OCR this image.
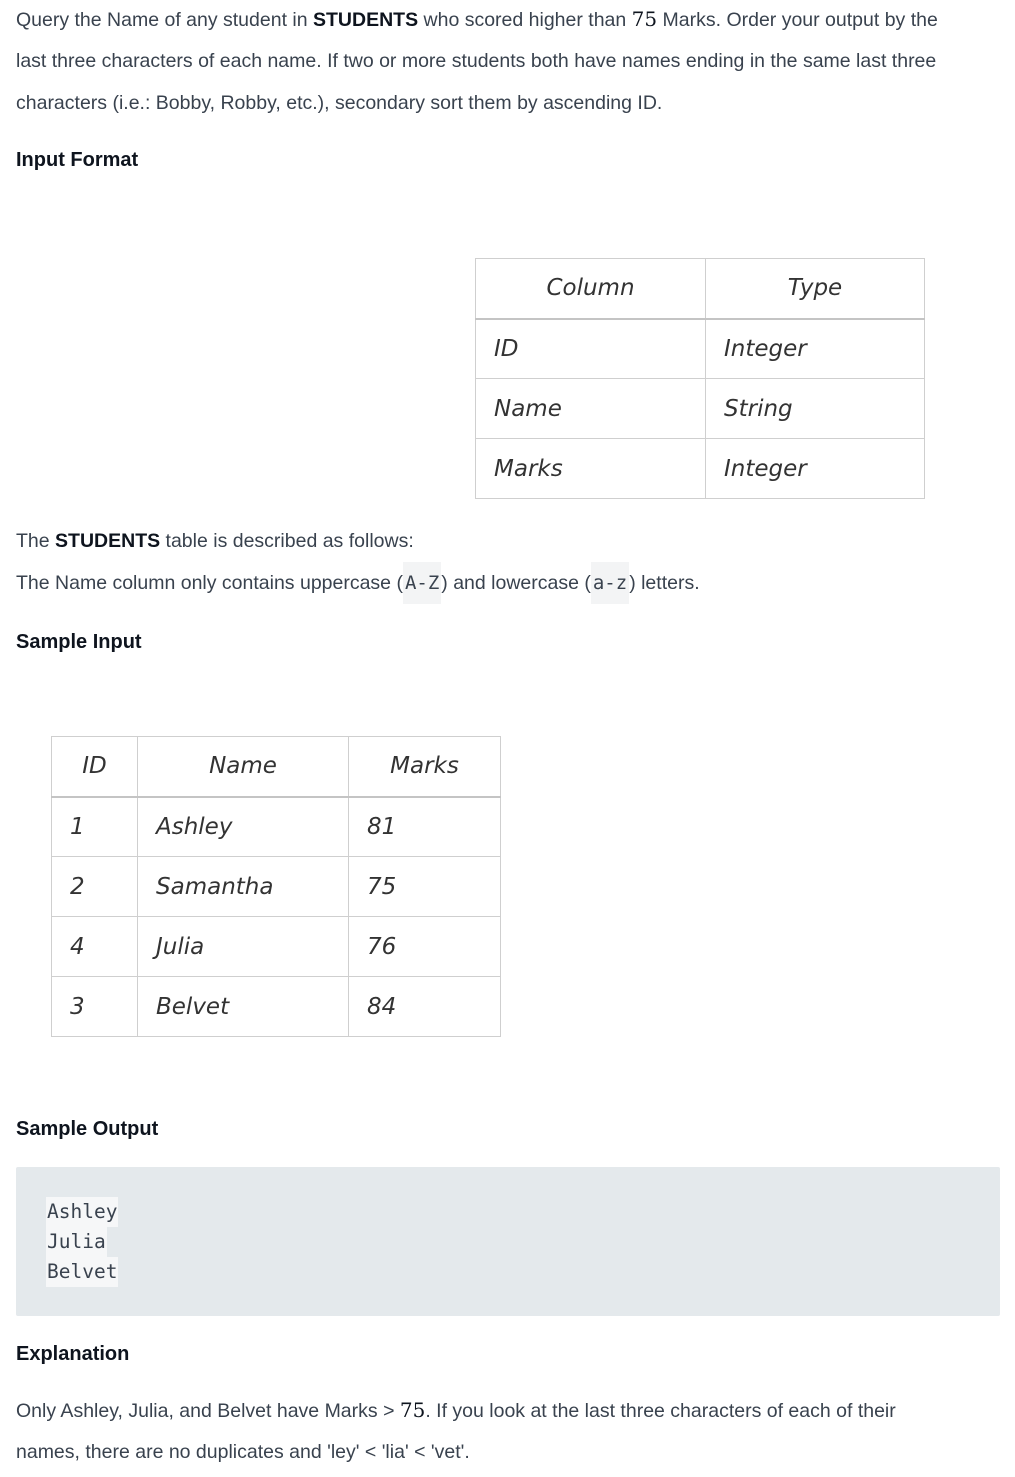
Query the Name of any student in STUDENTS who scored higher than 75 Marks. Order your output by the

last three characters of each name. If two or more students both have names ending in the same last three

characters (i.e.: Bobby, Robby, etc.), secondary sort them by ascending ID.

Input Format
Column	Type
ID	Integer
Name	String
Marks	Integer

The STUDENTS table is described as follows:

The Name column only contains uppercase ( A-Z ) and lowercase ( a-z ) letters.

Sample Input
ID	Name	Marks
1	Ashley	81
2	Samantha	75
4	Julia	76
3	Belvet	84
Sample Output
Ashley
Julia
Belvet
Explanation

Only Ashley, Julia, and Belvet have Marks > 75. If you look at the last three characters of each of their

names, there are no duplicates and 'ley' < 'lia' < 'vet'.
